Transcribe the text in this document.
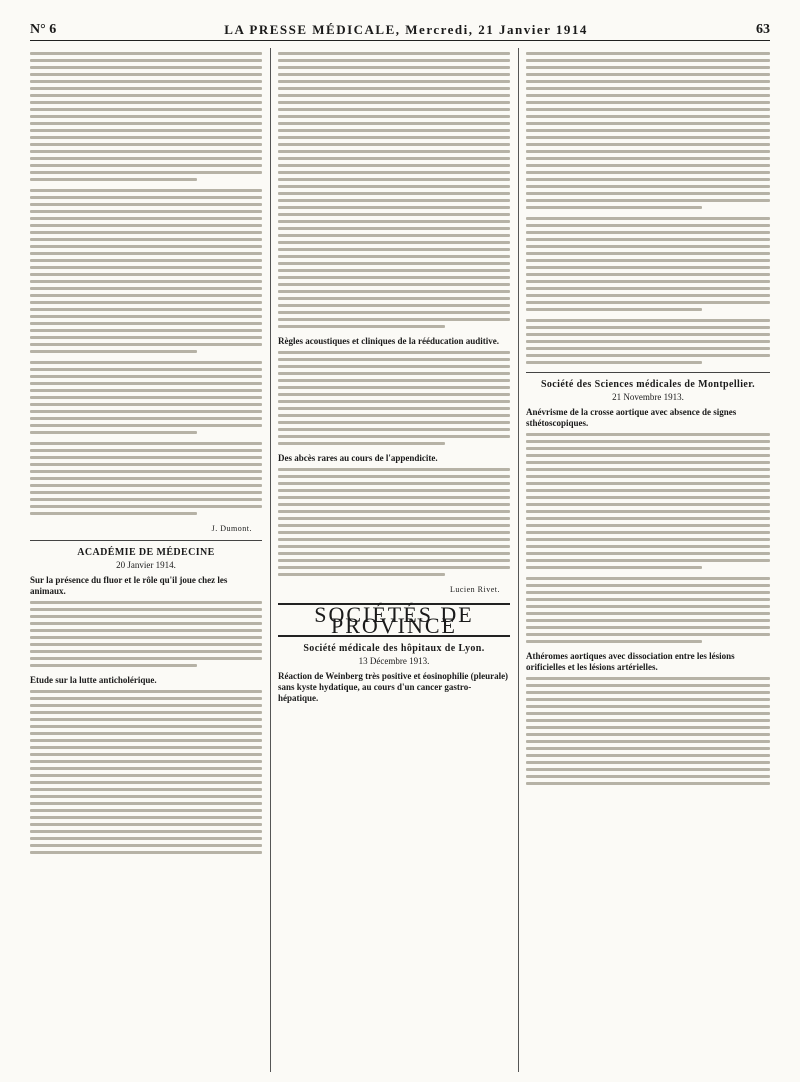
N° 6	LA PRESSE MÉDICALE, Mercredi, 21 Janvier 1914	63
J. Dumont.
ACADÉMIE DE MÉDECINE
20 Janvier 1914.
Sur la présence du fluor et le rôle qu'il joue chez les animaux.
Etude sur la lutte anticholérique.
Règles acoustiques et cliniques de la rééducation auditive.
Des abcès rares au cours de l'appendicite.
Lucien Rivet.
SOCIÉTÉS DE PROVINCE
Société médicale des hôpitaux de Lyon.
13 Décembre 1913.
Réaction de Weinberg très positive et éosinophilie (pleurale) sans kyste hydatique, au cours d'un cancer gastro-hépatique.
Société des Sciences médicales de Montpellier.
21 Novembre 1913.
Anévrisme de la crosse aortique avec absence de signes sthétoscopiques.
Athéromes aortiques avec dissociation entre les lésions orificielles et les lésions artérielles.
